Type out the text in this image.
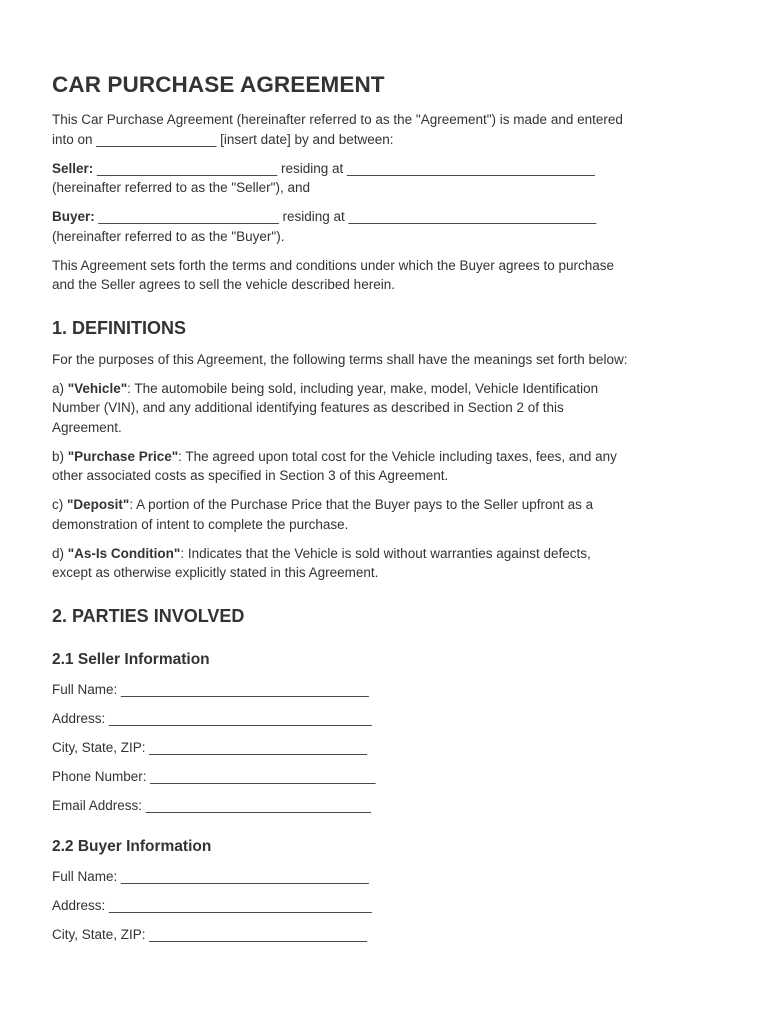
CAR PURCHASE AGREEMENT

This Car Purchase Agreement (hereinafter referred to as the "Agreement") is made and entered
into on ________________ [insert date] by and between:

Seller: ________________________ residing at _________________________________
(hereinafter referred to as the "Seller"), and

Buyer: ________________________ residing at _________________________________
(hereinafter referred to as the "Buyer").

This Agreement sets forth the terms and conditions under which the Buyer agrees to purchase
and the Seller agrees to sell the vehicle described herein.

1. DEFINITIONS

For the purposes of this Agreement, the following terms shall have the meanings set forth below:

a) "Vehicle": The automobile being sold, including year, make, model, Vehicle Identification
Number (VIN), and any additional identifying features as described in Section 2 of this
Agreement.

b) "Purchase Price": The agreed upon total cost for the Vehicle including taxes, fees, and any
other associated costs as specified in Section 3 of this Agreement.

c) "Deposit": A portion of the Purchase Price that the Buyer pays to the Seller upfront as a
demonstration of intent to complete the purchase.

d) "As-Is Condition": Indicates that the Vehicle is sold without warranties against defects,
except as otherwise explicitly stated in this Agreement.

2. PARTIES INVOLVED
2.1 Seller Information

Full Name: _________________________________

Address: ___________________________________

City, State, ZIP: _____________________________

Phone Number: ______________________________

Email Address: ______________________________

2.2 Buyer Information

Full Name: _________________________________

Address: ___________________________________

City, State, ZIP: _____________________________
